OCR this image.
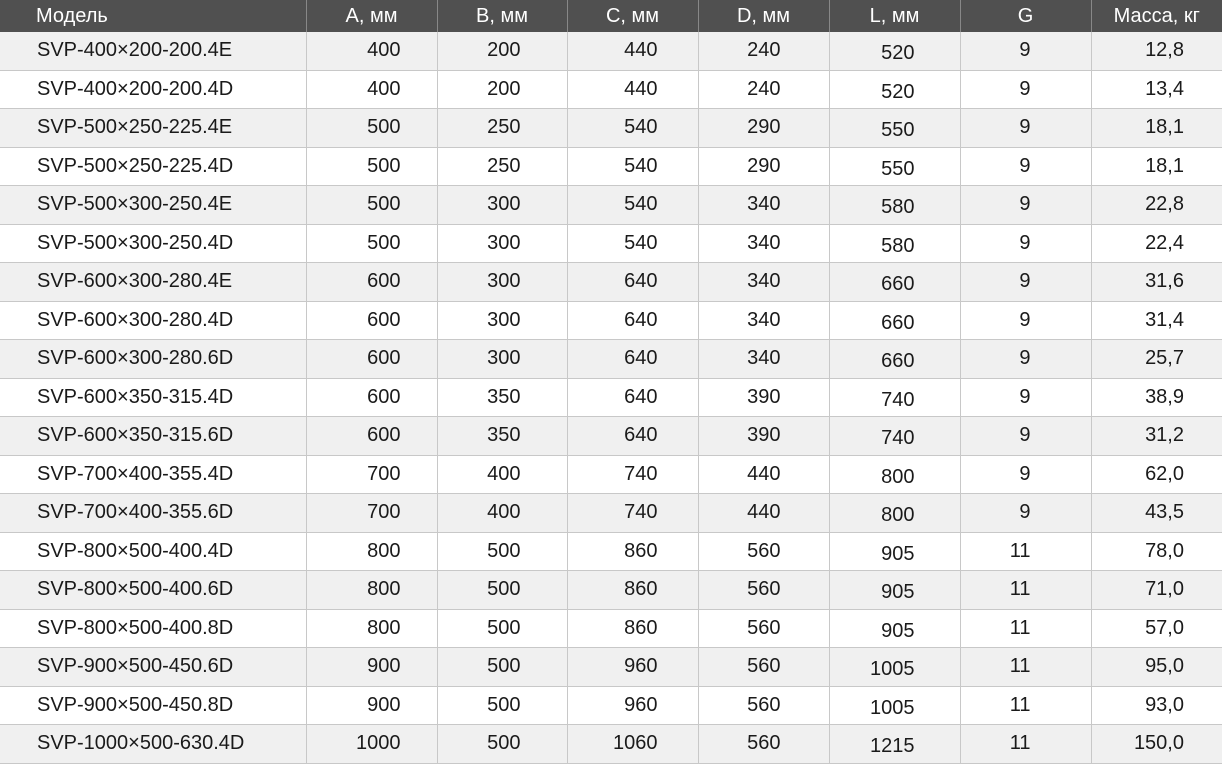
Модель	A, мм	B, мм	C, мм	D, мм	L, мм	G	Масса, кг
SVP-400×200-200.4E	400	200	440	240	520	9	12,8
SVP-400×200-200.4D	400	200	440	240	520	9	13,4
SVP-500×250-225.4E	500	250	540	290	550	9	18,1
SVP-500×250-225.4D	500	250	540	290	550	9	18,1
SVP-500×300-250.4E	500	300	540	340	580	9	22,8
SVP-500×300-250.4D	500	300	540	340	580	9	22,4
SVP-600×300-280.4E	600	300	640	340	660	9	31,6
SVP-600×300-280.4D	600	300	640	340	660	9	31,4
SVP-600×300-280.6D	600	300	640	340	660	9	25,7
SVP-600×350-315.4D	600	350	640	390	740	9	38,9
SVP-600×350-315.6D	600	350	640	390	740	9	31,2
SVP-700×400-355.4D	700	400	740	440	800	9	62,0
SVP-700×400-355.6D	700	400	740	440	800	9	43,5
SVP-800×500-400.4D	800	500	860	560	905	11	78,0
SVP-800×500-400.6D	800	500	860	560	905	11	71,0
SVP-800×500-400.8D	800	500	860	560	905	11	57,0
SVP-900×500-450.6D	900	500	960	560	1005	11	95,0
SVP-900×500-450.8D	900	500	960	560	1005	11	93,0
SVP-1000×500-630.4D	1000	500	1060	560	1215	11	150,0
